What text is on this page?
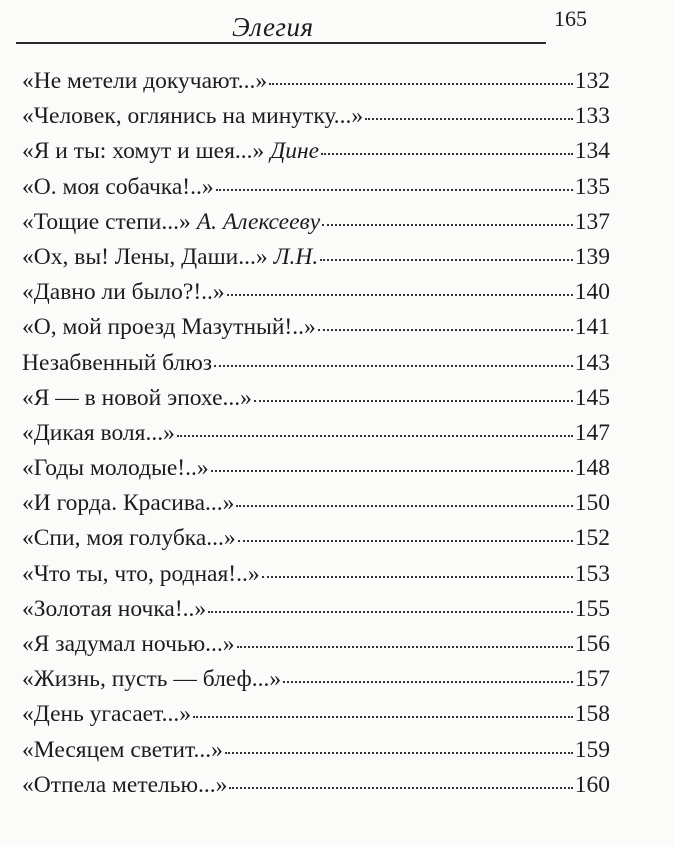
Элегия	165
«Не метели докучают...»	132
«Человек, оглянись на минутку...»	133
«Я и ты: хомут и шея...» Дине	134
«О. моя собачка!..»	135
«Тощие степи...» А. Алексееву	137
«Ох, вы! Лены, Даши...» Л.Н.	139
«Давно ли было?!..»	140
«О, мой проезд Мазутный!..»	141
Незабвенный блюз	143
«Я — в новой эпохе...»	145
«Дикая воля...»	147
«Годы молодые!..»	148
«И горда. Красива...»	150
«Спи, моя голубка...»	152
«Что ты, что, родная!..»	153
«Золотая ночка!..»	155
«Я задумал ночью...»	156
«Жизнь, пусть — блеф...»	157
«День угасает...»	158
«Месяцем светит...»	159
«Отпела метелью...»	160
